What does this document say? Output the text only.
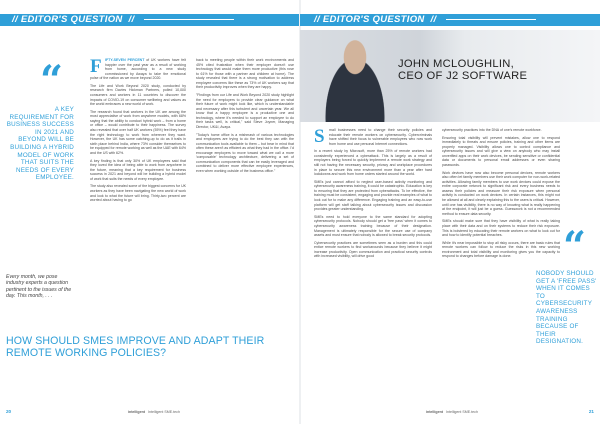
// EDITOR'S QUESTION //
“
A KEY REQUIREMENT FOR BUSINESS SUCCESS IN 2021 AND BEYOND WILL BE BUILDING A HYBRID MODEL OF WORK THAT SUITS THE NEEDS OF EVERY EMPLOYEE.
Every month, we pose industry experts a question pertinent to the issues of the day. This month, . . .

FIFTY-SEVEN PERCENT of UK workers have felt happier over the past year as a result of working from home, according to a new study commissioned by Awaya to take the emotional pulse of the nation as we move beyond 2020.

The Life and Work Beyond 2020 study, conducted by research firm Davies Hickman Partners, polled 10,000 consumers and workers in 11 countries to discover the impacts of COVID-19 on consumer wellbeing and values as the world embraces a new world of work.

The research found that workers in the UK are among the most appreciative of work from anywhere models, with 68% saying that the ability to conduct hybrid work – from a home or office – would contribute to their happiness. The survey also revealed that over half UK workers (55%) feel they have the right technology to work from wherever they want. However, the UK has some catching-up to do as it trails in sixth place behind India, where 73% consider themselves to be equipped for remote working as well as the UAE with 64% and the US with 62%.

A key finding is that only 30% of UK employees said that they loved the idea of being able to work from anywhere in the future, meaning that a key requirement for business success in 2021 and beyond will be building a hybrid model of work that suits the needs of every employee.

The study also revealed some of the biggest concerns for UK workers as they have been navigating the new world of work and look to what the future will bring. Thirty-two percent are worried about having to go

back to meeting people within their work environments and 45% cited frustration when their employer doesn't use technology that would make them more productive (this rose to 61% for those with a partner and children at home). The study revealed that there is a strong motivation to address employee concerns like these as 73% of UK workers say that their productivity improves when they are happy.

"Findings from our Life and Work Beyond 2020 study highlight the need for employers to provide clear guidance on what their future of work might look like, which is understandable and necessary after this turbulent and uncertain year. We all know that a happy employee is a productive one and technology, where it's needed to support an employee to do their tasks well, is critical," said Steve Joyner, Managing Director, UK&I, Avaya.

"Today's home office is a mishmash of various technologies and employees are trying to do the best they can with the communication tools available to them – but bear in mind that often these aren't as efficient as what they had in the office. I'd encourage employers to move toward what we call a more 'composable' technology architecture, delivering a set of communication components that can be easily leveraged and combined to deliver more effective employee experiences, even when working outside of the business office."

HOW SHOULD SMES IMPROVE AND ADAPT THEIR REMOTE WORKING POLICIES?
20	intelligent Intelligent SME.tech
// EDITOR'S QUESTION //
JOHN MCLOUGHLIN,
CEO OF J2 SOFTWARE

S	mall businesses need to change their security policies and educate their remote workers on cybersecurity. Cybercriminals have shifted their focus to vulnerable employees who now work from home and use personal Internet connections.

In a recent study by Microsoft, more than 25% of remote workers had consistently experienced a cyberattack. This is largely as a result of employers being forced to quickly implement a remote work strategy and still not having the necessary security, privacy and workplace procedures in place to secure this new environment more than a year after hard lockdowns and work from home orders started around the world.

SMEs just cannot afford to neglect user-based activity monitoring and cybersecurity awareness training, it could be catastrophic. Education is key to ensuring that they are protected from cyberattacks. To be effective, the training must be consistent, engaging and provide real examples of what to look out for to make any difference. Engaging training and an easy-to-use platform will get staff talking about cybersecurity issues and discussion provides greater understanding.

SMEs need to hold everyone to the same standard for adopting cybersecurity protocols. Nobody should get a 'free pass' when it comes to cybersecurity awareness training because of their designation. Management is ultimately responsible for the secure use of company assets and must ensure that nobody is allowed to break security protocols.

Cybersecurity practices are sometimes seen as a burden and this could entice remote workers to find workarounds because they believe it might increase productivity. Open communication and practical security controls with increased visibility, will drive good

cybersecurity practices into the DNA of one's remote workforce.

Ensuring total visibility will prevent mistakes, allow one to respond immediately to threats and ensure policies, training and other items are properly managed. Visibility allows one to control compliance and cybersecurity issues and will give a view on anybody who may install unverified apps on their work devices, be sending sensitive or confidential data or documents to personal email addresses or even sharing passwords.

Work devices have now also become personal devices, remote workers also often let family members use their work computer for non-work-related activities. Allowing family members to use work devices could expose the entire corporate network to significant risk and every business needs to assess their policies and measure their risk exposure when personal activity is conducted on work devices. In certain instances, this might not be allowed at all and clearly explaining this to the users is critical. However, until one has visibility, there is no way of knowing what is really happening at the endpoint, it will just be a guess. Guesswork is not a recommended method to ensure data security.

SMEs should make sure that they have visibility of what is really taking place with their data and on their systems to reduce their risk exposure. This is bolstered by educating their remote workers on what to look out for and how to identify potential breaches.

While it's near impossible to stop all risky occurs, there are basic rules that remote workers can follow to reduce the risks in this new working environment and total visibility and monitoring gives you the capacity to respond to changes before damage is done.	“
NOBODY SHOULD GET A 'FREE PASS' WHEN IT COMES TO CYBERSECURITY AWARENESS TRAINING BECAUSE OF THEIR DESIGNATION.
intelligent Intelligent SME.tech	21
